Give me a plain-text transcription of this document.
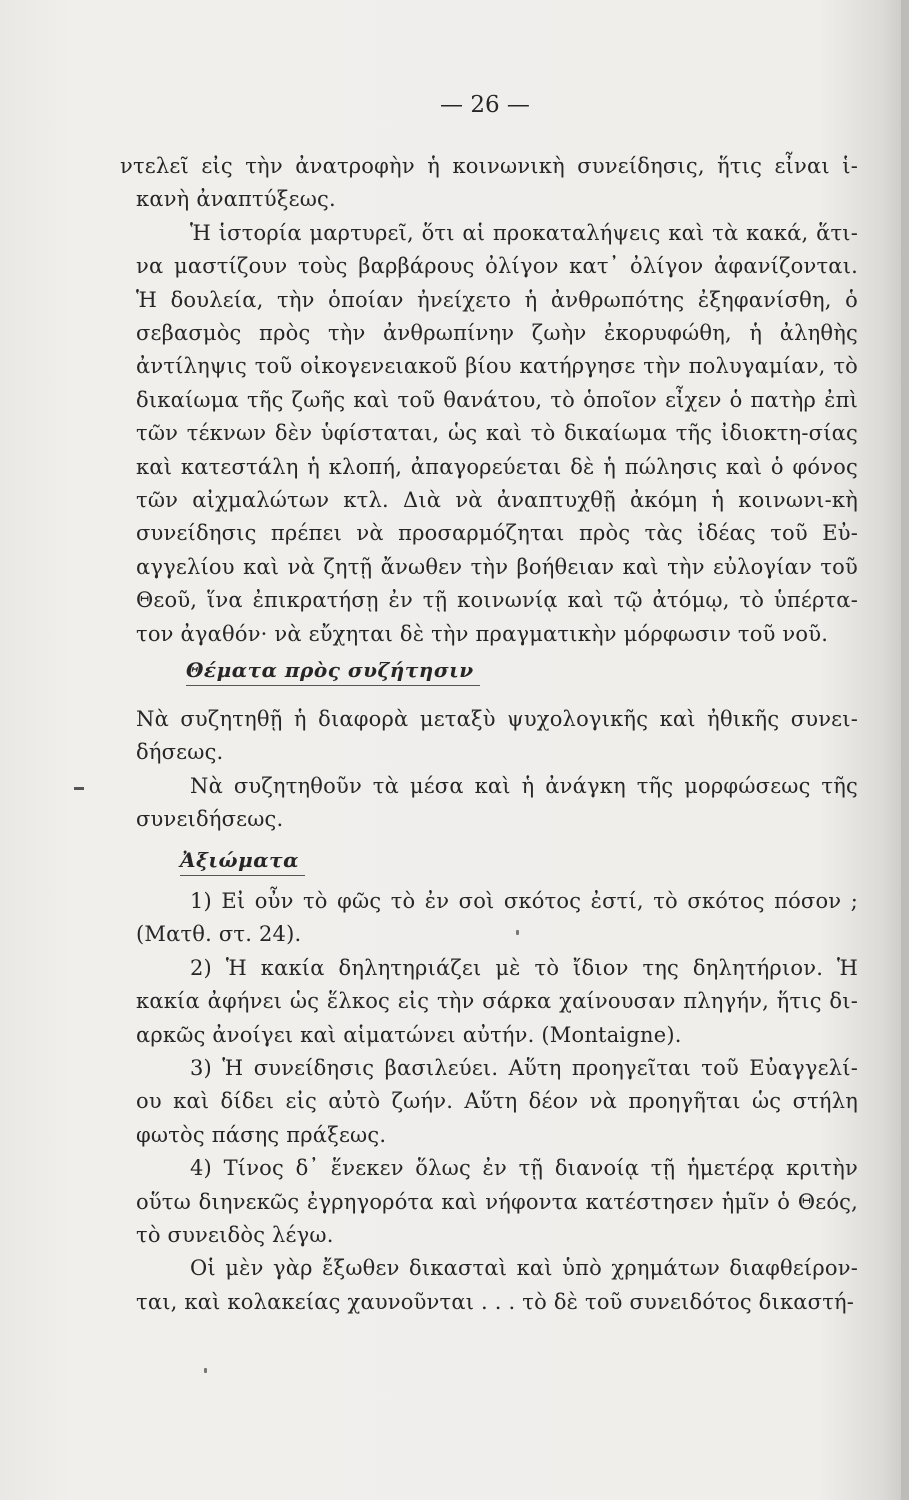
— 26 —

ντελεῖ εἰς τὴν ἀνατροφὴν ἡ κοινωνικὴ συνείδησις, ἥτις εἶναι ἱ-κανὴ ἀναπτύξεως.

Ἡ ἱστορία μαρτυρεῖ, ὅτι αἱ προκαταλήψεις καὶ τὰ κακά, ἅτι-να μαστίζουν τοὺς βαρβάρους ὀλίγον κατ᾽ ὀλίγον ἀφανίζονται. Ἡ δουλεία, τὴν ὁποίαν ἠνείχετο ἡ ἀνθρωπότης ἐξηφανίσθη, ὁ σεβασμὸς πρὸς τὴν ἀνθρωπίνην ζωὴν ἐκορυφώθη, ἡ ἀληθὴς ἀντίληψις τοῦ οἰκογενειακοῦ βίου κατήργησε τὴν πολυγαμίαν, τὸ δικαίωμα τῆς ζωῆς καὶ τοῦ θανάτου, τὸ ὁποῖον εἶχεν ὁ πατὴρ ἐπὶ τῶν τέκνων δὲν ὑφίσταται, ὡς καὶ τὸ δικαίωμα τῆς ἰδιοκτη-σίας καὶ κατεστάλη ἡ κλοπή, ἀπαγορεύεται δὲ ἡ πώλησις καὶ ὁ φόνος τῶν αἰχμαλώτων κτλ. Διὰ νὰ ἀναπτυχθῇ ἀκόμη ἡ κοινωνι-κὴ συνείδησις πρέπει νὰ προσαρμόζηται πρὸς τὰς ἰδέας τοῦ Εὐ-αγγελίου καὶ νὰ ζητῇ ἄνωθεν τὴν βοήθειαν καὶ τὴν εὐλογίαν τοῦ Θεοῦ, ἵνα ἐπικρατήσῃ ἐν τῇ κοινωνίᾳ καὶ τῷ ἀτόμῳ, τὸ ὑπέρτα-τον ἀγαθόν· νὰ εὔχηται δὲ τὴν πραγματικὴν μόρφωσιν τοῦ νοῦ.

Θέματα πρὸς συζήτησιν

Νὰ συζητηθῇ ἡ διαφορὰ μεταξὺ ψυχολογικῆς καὶ ἠθικῆς συνει-δήσεως.

Νὰ συζητηθοῦν τὰ μέσα καὶ ἡ ἀνάγκη τῆς μορφώσεως τῆς συνειδήσεως.

Ἀξιώματα

1) Εἰ οὖν τὸ φῶς τὸ ἐν σοὶ σκότος ἐστί, τὸ σκότος πόσον ; (Ματθ. στ. 24).

2) Ἡ κακία δηλητηριάζει μὲ τὸ ἴδιον της δηλητήριον. Ἡ κακία ἀφήνει ὡς ἕλκος εἰς τὴν σάρκα χαίνουσαν πληγήν, ἥτις δι-αρκῶς ἀνοίγει καὶ αἱματώνει αὐτήν. (Montaigne).

3) Ἡ συνείδησις βασιλεύει. Αὕτη προηγεῖται τοῦ Εὐαγγελί-ου καὶ δίδει εἰς αὐτὸ ζωήν. Αὕτη δέον νὰ προηγῆται ὡς στήλη φωτὸς πάσης πράξεως.

4) Τίνος δ᾽ ἕνεκεν ὅλως ἐν τῇ διανοίᾳ τῇ ἡμετέρᾳ κριτὴν οὕτω διηνεκῶς ἐγρηγορότα καὶ νήφοντα κατέστησεν ἡμῖν ὁ Θεός, τὸ συνειδὸς λέγω.

Οἱ μὲν γὰρ ἔξωθεν δικασταὶ καὶ ὑπὸ χρημάτων διαφθείρον-ται, καὶ κολακείας χαυνοῦνται . . . τὸ δὲ τοῦ συνειδότος δικαστή-
